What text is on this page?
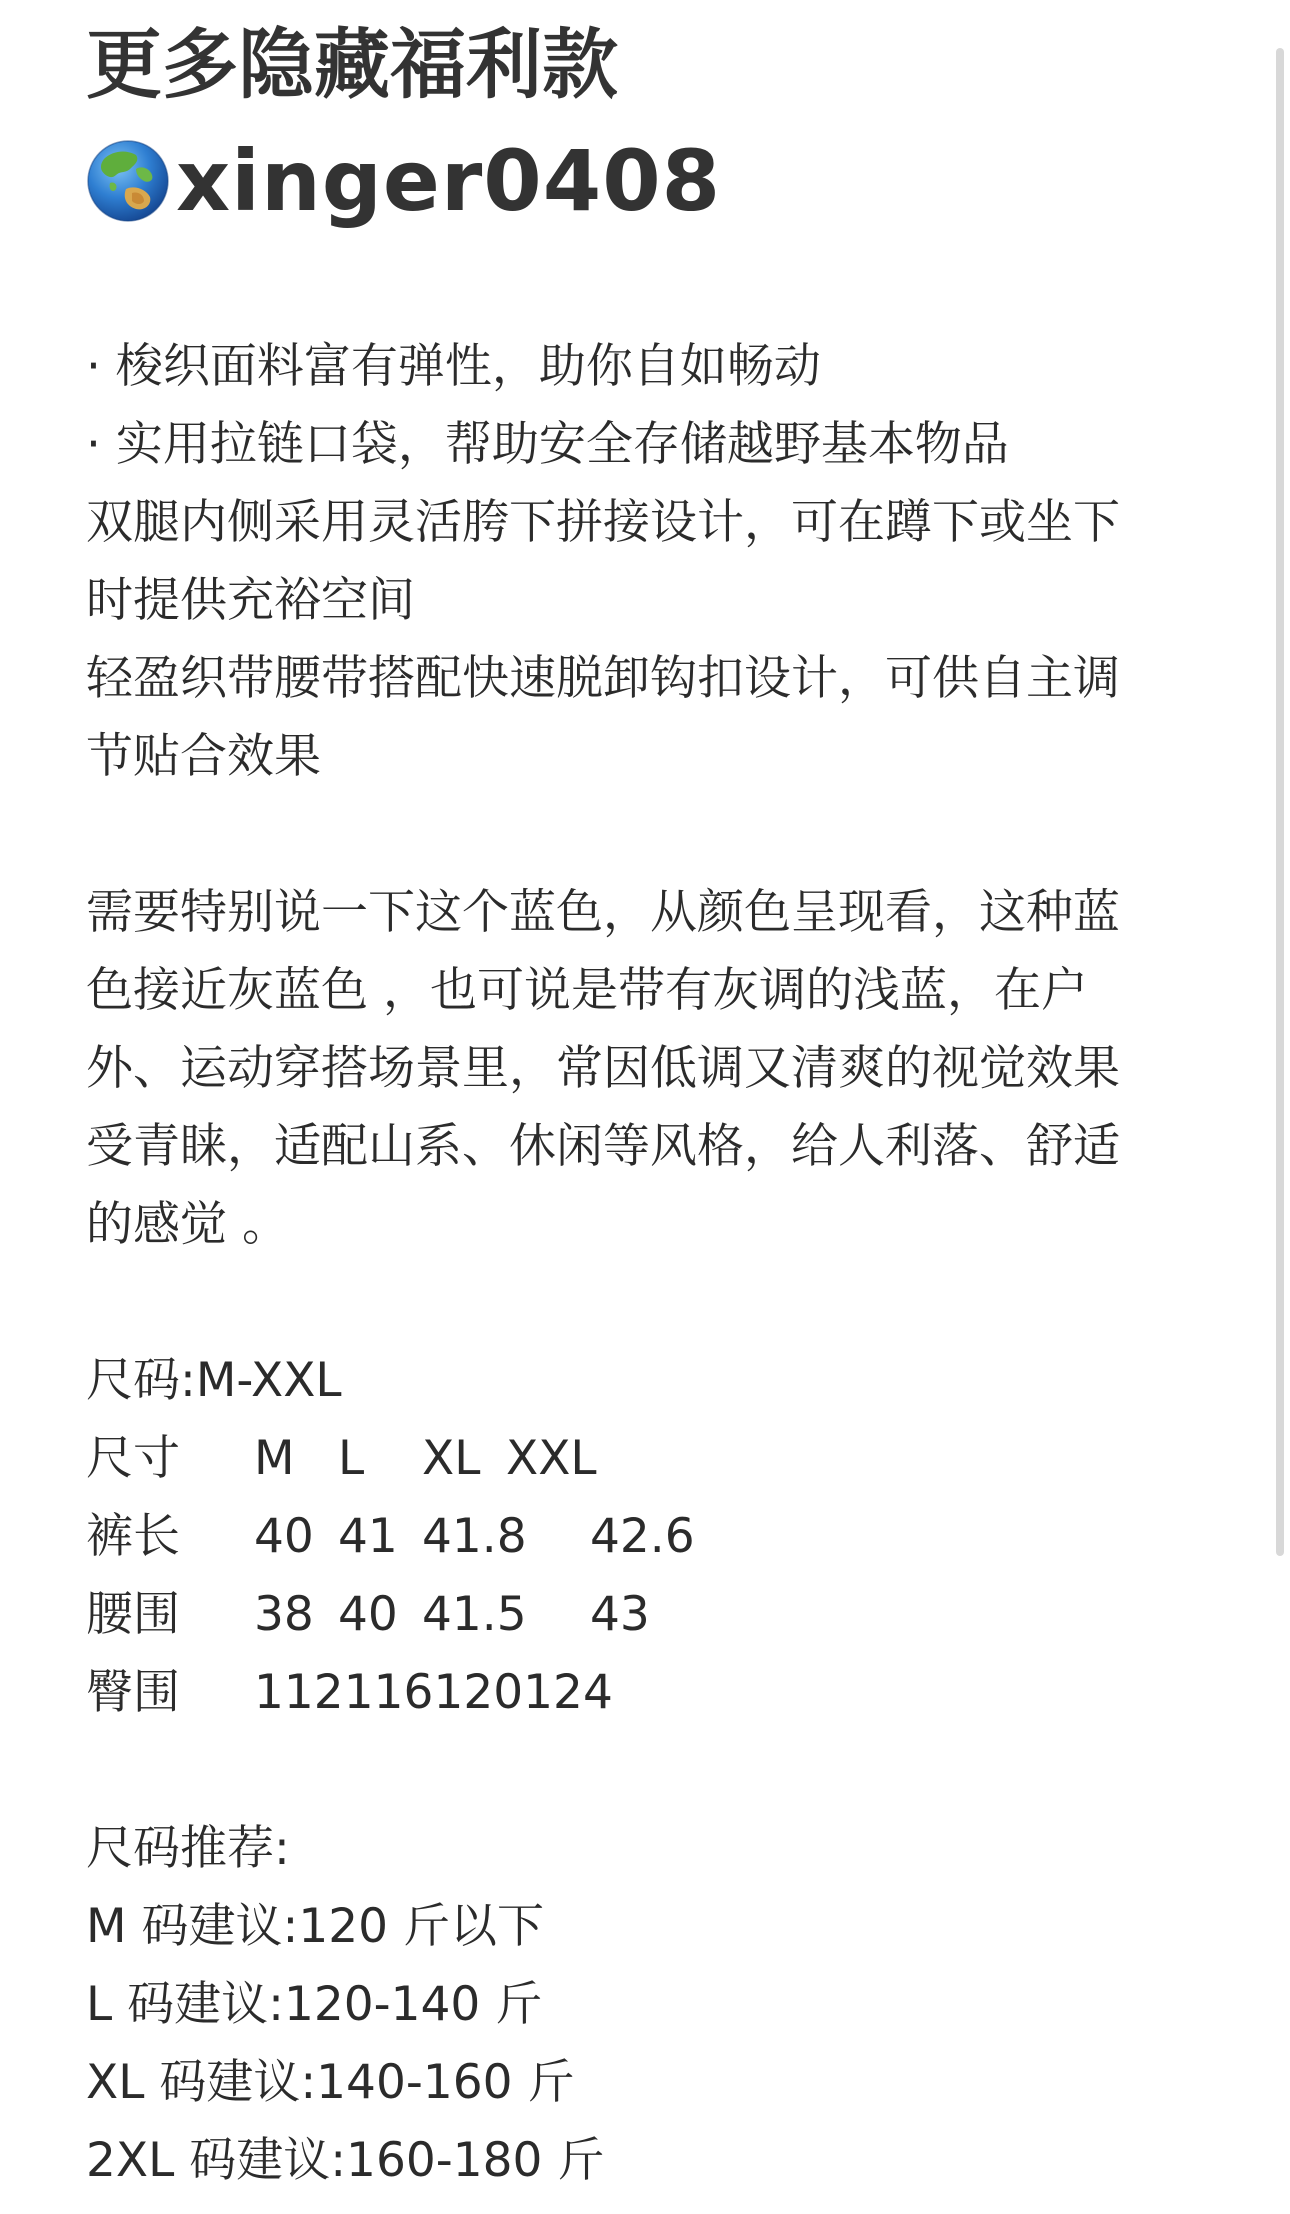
更多隐藏福利款
xinger0408
· 梭织面料富有弹性，助你自如畅动
· 实用拉链口袋，帮助安全存储越野基本物品
双腿内侧采用灵活胯下拼接设计，可在蹲下或坐下
时提供充裕空间
轻盈织带腰带搭配快速脱卸钩扣设计，可供自主调
节贴合效果
需要特别说一下这个蓝色，从颜色呈现看，这种蓝
色接近灰蓝色 ，也可说是带有灰调的浅蓝，在户
外、运动穿搭场景里，常因低调又清爽的视觉效果
受青睐，适配山系、休闲等风格，给人利落、舒适
的感觉 。
尺码:M-XXL
尺寸	M L	XL XXL
裤长	40 41 41.8	42.6
腰围	38 40 41.5	43
臀围	112 116 120 124
尺码推荐:
M 码建议:120 斤以下
L 码建议:120-140 斤
XL 码建议:140-160 斤
2XL 码建议:160-180 斤
